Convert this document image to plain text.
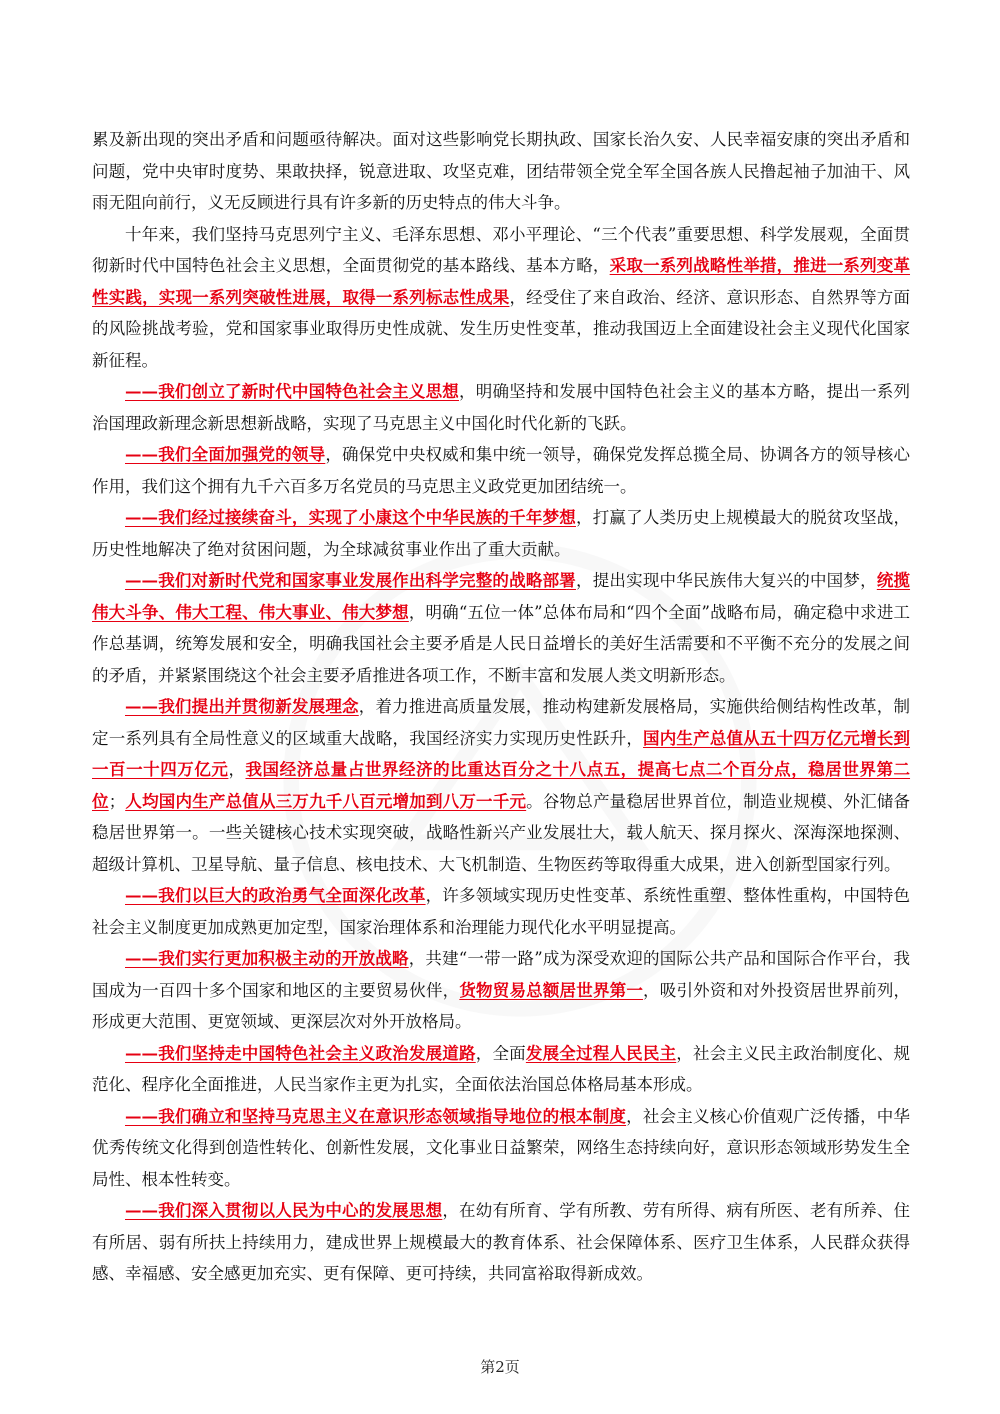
累及新出现的突出矛盾和问题亟待解决。面对这些影响党长期执政、国家长治久安、人民幸福安康的突出矛盾和问题，党中央审时度势、果敢抉择，锐意进取、攻坚克难，团结带领全党全军全国各族人民撸起袖子加油干、风雨无阻向前行，义无反顾进行具有许多新的历史特点的伟大斗争。

十年来，我们坚持马克思列宁主义、毛泽东思想、邓小平理论、“三个代表”重要思想、科学发展观，全面贯彻新时代中国特色社会主义思想，全面贯彻党的基本路线、基本方略，采取一系列战略性举措，推进一系列变革性实践，实现一系列突破性进展，取得一系列标志性成果，经受住了来自政治、经济、意识形态、自然界等方面的风险挑战考验，党和国家事业取得历史性成就、发生历史性变革，推动我国迈上全面建设社会主义现代化国家新征程。

——我们创立了新时代中国特色社会主义思想，明确坚持和发展中国特色社会主义的基本方略，提出一系列治国理政新理念新思想新战略，实现了马克思主义中国化时代化新的飞跃。

——我们全面加强党的领导，确保党中央权威和集中统一领导，确保党发挥总揽全局、协调各方的领导核心作用，我们这个拥有九千六百多万名党员的马克思主义政党更加团结统一。

——我们经过接续奋斗，实现了小康这个中华民族的千年梦想，打赢了人类历史上规模最大的脱贫攻坚战，历史性地解决了绝对贫困问题，为全球减贫事业作出了重大贡献。

——我们对新时代党和国家事业发展作出科学完整的战略部署，提出实现中华民族伟大复兴的中国梦，统揽伟大斗争、伟大工程、伟大事业、伟大梦想，明确“五位一体”总体布局和“四个全面”战略布局，确定稳中求进工作总基调，统筹发展和安全，明确我国社会主要矛盾是人民日益增长的美好生活需要和不平衡不充分的发展之间的矛盾，并紧紧围绕这个社会主要矛盾推进各项工作，不断丰富和发展人类文明新形态。

——我们提出并贯彻新发展理念，着力推进高质量发展，推动构建新发展格局，实施供给侧结构性改革，制定一系列具有全局性意义的区域重大战略，我国经济实力实现历史性跃升，国内生产总值从五十四万亿元增长到一百一十四万亿元，我国经济总量占世界经济的比重达百分之十八点五，提高七点二个百分点，稳居世界第二位；人均国内生产总值从三万九千八百元增加到八万一千元。谷物总产量稳居世界首位，制造业规模、外汇储备稳居世界第一。一些关键核心技术实现突破，战略性新兴产业发展壮大，载人航天、探月探火、深海深地探测、超级计算机、卫星导航、量子信息、核电技术、大飞机制造、生物医药等取得重大成果，进入创新型国家行列。

——我们以巨大的政治勇气全面深化改革，许多领域实现历史性变革、系统性重塑、整体性重构，中国特色社会主义制度更加成熟更加定型，国家治理体系和治理能力现代化水平明显提高。

——我们实行更加积极主动的开放战略，共建“一带一路”成为深受欢迎的国际公共产品和国际合作平台，我国成为一百四十多个国家和地区的主要贸易伙伴，货物贸易总额居世界第一，吸引外资和对外投资居世界前列，形成更大范围、更宽领域、更深层次对外开放格局。

——我们坚持走中国特色社会主义政治发展道路，全面发展全过程人民民主，社会主义民主政治制度化、规范化、程序化全面推进，人民当家作主更为扎实，全面依法治国总体格局基本形成。

——我们确立和坚持马克思主义在意识形态领域指导地位的根本制度，社会主义核心价值观广泛传播，中华优秀传统文化得到创造性转化、创新性发展，文化事业日益繁荣，网络生态持续向好，意识形态领域形势发生全局性、根本性转变。

——我们深入贯彻以人民为中心的发展思想，在幼有所育、学有所教、劳有所得、病有所医、老有所养、住有所居、弱有所扶上持续用力，建成世界上规模最大的教育体系、社会保障体系、医疗卫生体系，人民群众获得感、幸福感、安全感更加充实、更有保障、更可持续，共同富裕取得新成效。

第2页
